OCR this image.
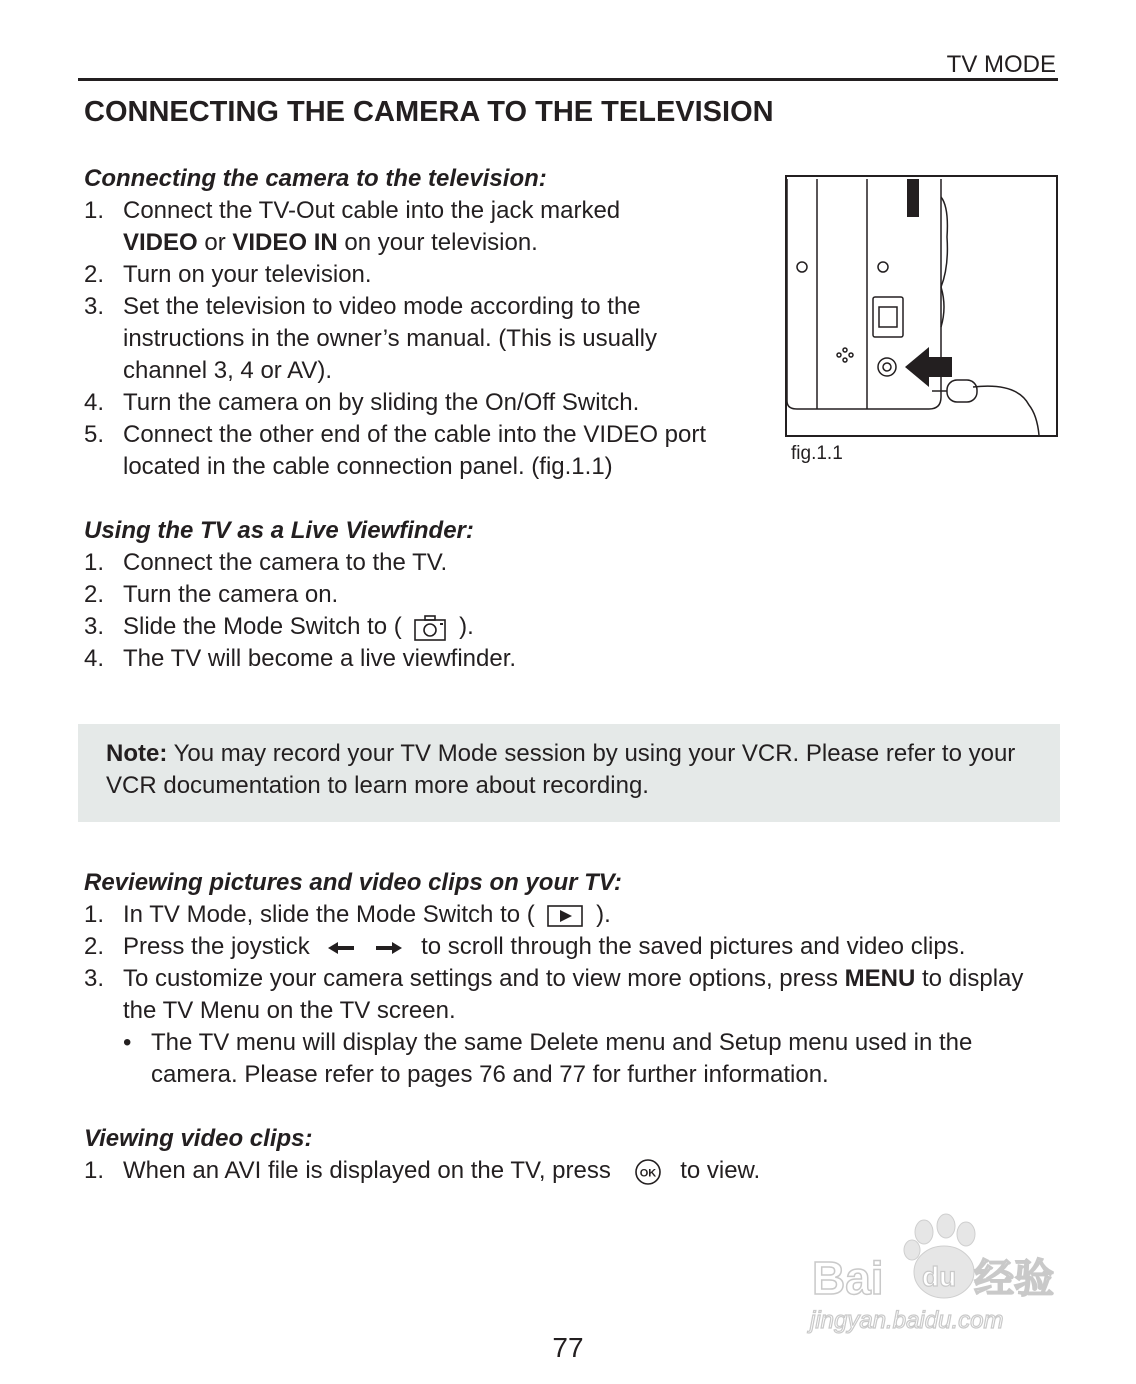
TV MODE
CONNECTING THE CAMERA TO THE TELEVISION
Connecting the camera to the television:
1. Connect the TV-Out cable into the jack marked
VIDEO or VIDEO IN on your television.
2. Turn on your television.
3. Set the television to video mode according to the instructions in the owner’s manual. (This is usually channel 3, 4 or AV).
4. Turn the camera on by sliding the On/Off Switch.
5. Connect the other end of the cable into the VIDEO port located in the cable connection panel. (fig.1.1)	fig.1.1
Using the TV as a Live Viewfinder:
1. Connect the camera to the TV.
2. Turn the camera on.
3. Slide the Mode Switch to ( ).
4. The TV will become a live viewfinder.
Note: You may record your TV Mode session by using your VCR. Please refer to your VCR documentation to learn more about recording.
Reviewing pictures and video clips on your TV:
1. In TV Mode, slide the Mode Switch to (	).
2. Press the joystick	to scroll through the saved pictures and video clips.
3. To customize your camera settings and to view more options, press MENU to display the TV Menu on the TV screen.
• The TV menu will display the same Delete menu and Setup menu used in the camera. Please refer to pages 76 and 77 for further information.
Viewing video clips:
1. When an AVI file is displayed on the TV, press	OK to view.
Bai du 经验
jingyan.baidu.com
77
